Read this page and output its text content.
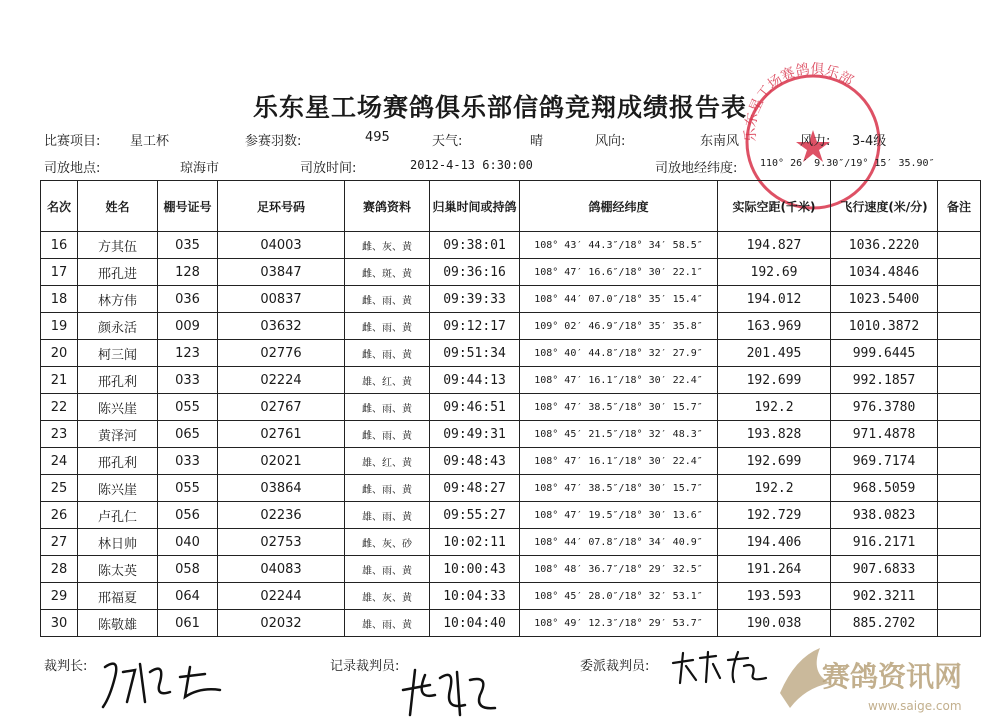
乐东星工场赛鸽俱乐部
乐东星工场赛鸽俱乐部信鸽竞翔成绩报告表
比赛项目: 星工杯	参赛羽数:	495	天气:	晴	风向:	东南风	风力: 3-4级
司放地点:	琼海市	司放时间:	2012-4-13 6:30:00	司放地经纬度: 110° 26′ 9.30″/19° 15′ 35.90″
名次	姓名	棚号证号	足环号码	赛鸽资料	归巢时间或持鸽	鸽棚经纬度	实际空距(千米)	飞行速度(米/分)	备注
16	方其伍	035	04003	雌、灰、黄	09:38:01	108° 43′ 44.3″/18° 34′ 58.5″	194.827	1036.2220	
17	邢孔进	128	03847	雌、斑、黄	09:36:16	108° 47′ 16.6″/18° 30′ 22.1″	192.69	1034.4846	
18	林方伟	036	00837	雌、雨、黄	09:39:33	108° 44′ 07.0″/18° 35′ 15.4″	194.012	1023.5400	
19	颜永活	009	03632	雌、雨、黄	09:12:17	109° 02′ 46.9″/18° 35′ 35.8″	163.969	1010.3872	
20	柯三闻	123	02776	雌、雨、黄	09:51:34	108° 40′ 44.8″/18° 32′ 27.9″	201.495	999.6445	
21	邢孔利	033	02224	雄、红、黄	09:44:13	108° 47′ 16.1″/18° 30′ 22.4″	192.699	992.1857	
22	陈兴崖	055	02767	雌、雨、黄	09:46:51	108° 47′ 38.5″/18° 30′ 15.7″	192.2	976.3780	
23	黄泽河	065	02761	雌、雨、黄	09:49:31	108° 45′ 21.5″/18° 32′ 48.3″	193.828	971.4878	
24	邢孔利	033	02021	雄、红、黄	09:48:43	108° 47′ 16.1″/18° 30′ 22.4″	192.699	969.7174	
25	陈兴崖	055	03864	雌、雨、黄	09:48:27	108° 47′ 38.5″/18° 30′ 15.7″	192.2	968.5059	
26	卢孔仁	056	02236	雄、雨、黄	09:55:27	108° 47′ 19.5″/18° 30′ 13.6″	192.729	938.0823	
27	林日帅	040	02753	雌、灰、砂	10:02:11	108° 44′ 07.8″/18° 34′ 40.9″	194.406	916.2171	
28	陈太英	058	04083	雄、雨、黄	10:00:43	108° 48′ 36.7″/18° 29′ 32.5″	191.264	907.6833	
29	邢福夏	064	02244	雄、灰、黄	10:04:33	108° 45′ 28.0″/18° 32′ 53.1″	193.593	902.3211	
30	陈敬雄	061	02032	雄、雨、黄	10:04:40	108° 49′ 12.3″/18° 29′ 53.7″	190.038	885.2702	
裁判长:	记录裁判员:	委派裁判员:	赛鸽资讯网
www.saige.com
